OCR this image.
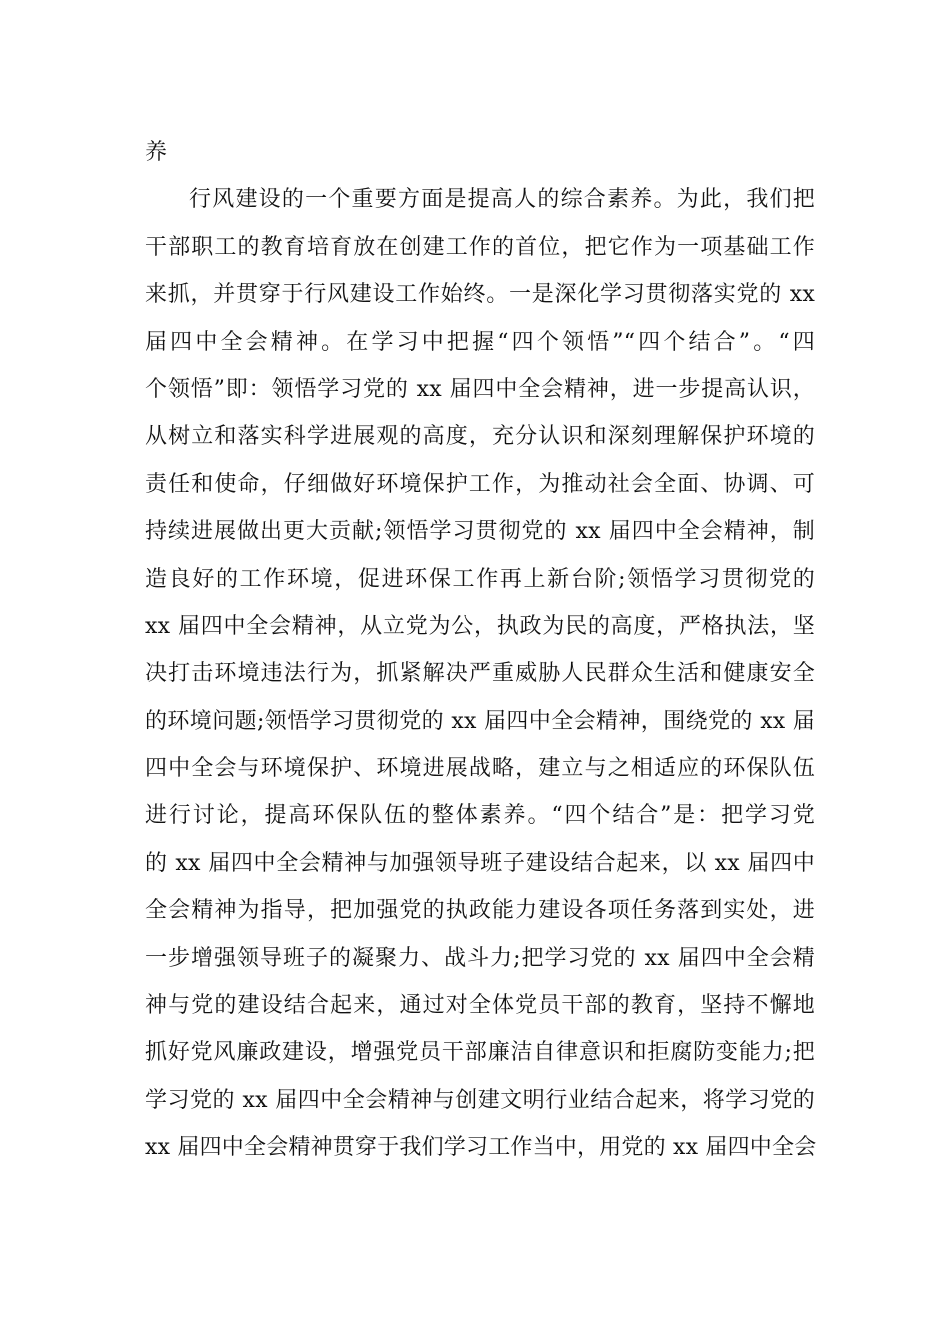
养
行风建设的一个重要方面是提高人的综合素养。为此，我们把
干部职工的教育培育放在创建工作的首位，把它作为一项基础工作
来抓，并贯穿于行风建设工作始终。一是深化学习贯彻落实党的 xx
届四中全会精神。在学习中把握“四个领悟”“四个结合”。“四
个领悟”即：领悟学习党的 xx 届四中全会精神，进一步提高认识，
从树立和落实科学进展观的高度，充分认识和深刻理解保护环境的
责任和使命，仔细做好环境保护工作，为推动社会全面、协调、可
持续进展做出更大贡献;领悟学习贯彻党的 xx 届四中全会精神，制
造良好的工作环境，促进环保工作再上新台阶;领悟学习贯彻党的
xx 届四中全会精神，从立党为公，执政为民的高度，严格执法，坚
决打击环境违法行为，抓紧解决严重威胁人民群众生活和健康安全
的环境问题;领悟学习贯彻党的 xx 届四中全会精神，围绕党的 xx 届
四中全会与环境保护、环境进展战略，建立与之相适应的环保队伍
进行讨论，提高环保队伍的整体素养。“四个结合”是：把学习党
的 xx 届四中全会精神与加强领导班子建设结合起来，以 xx 届四中
全会精神为指导，把加强党的执政能力建设各项任务落到实处，进
一步增强领导班子的凝聚力、战斗力;把学习党的 xx 届四中全会精
神与党的建设结合起来，通过对全体党员干部的教育，坚持不懈地
抓好党风廉政建设，增强党员干部廉洁自律意识和拒腐防变能力;把
学习党的 xx 届四中全会精神与创建文明行业结合起来，将学习党的
xx 届四中全会精神贯穿于我们学习工作当中，用党的 xx 届四中全会
